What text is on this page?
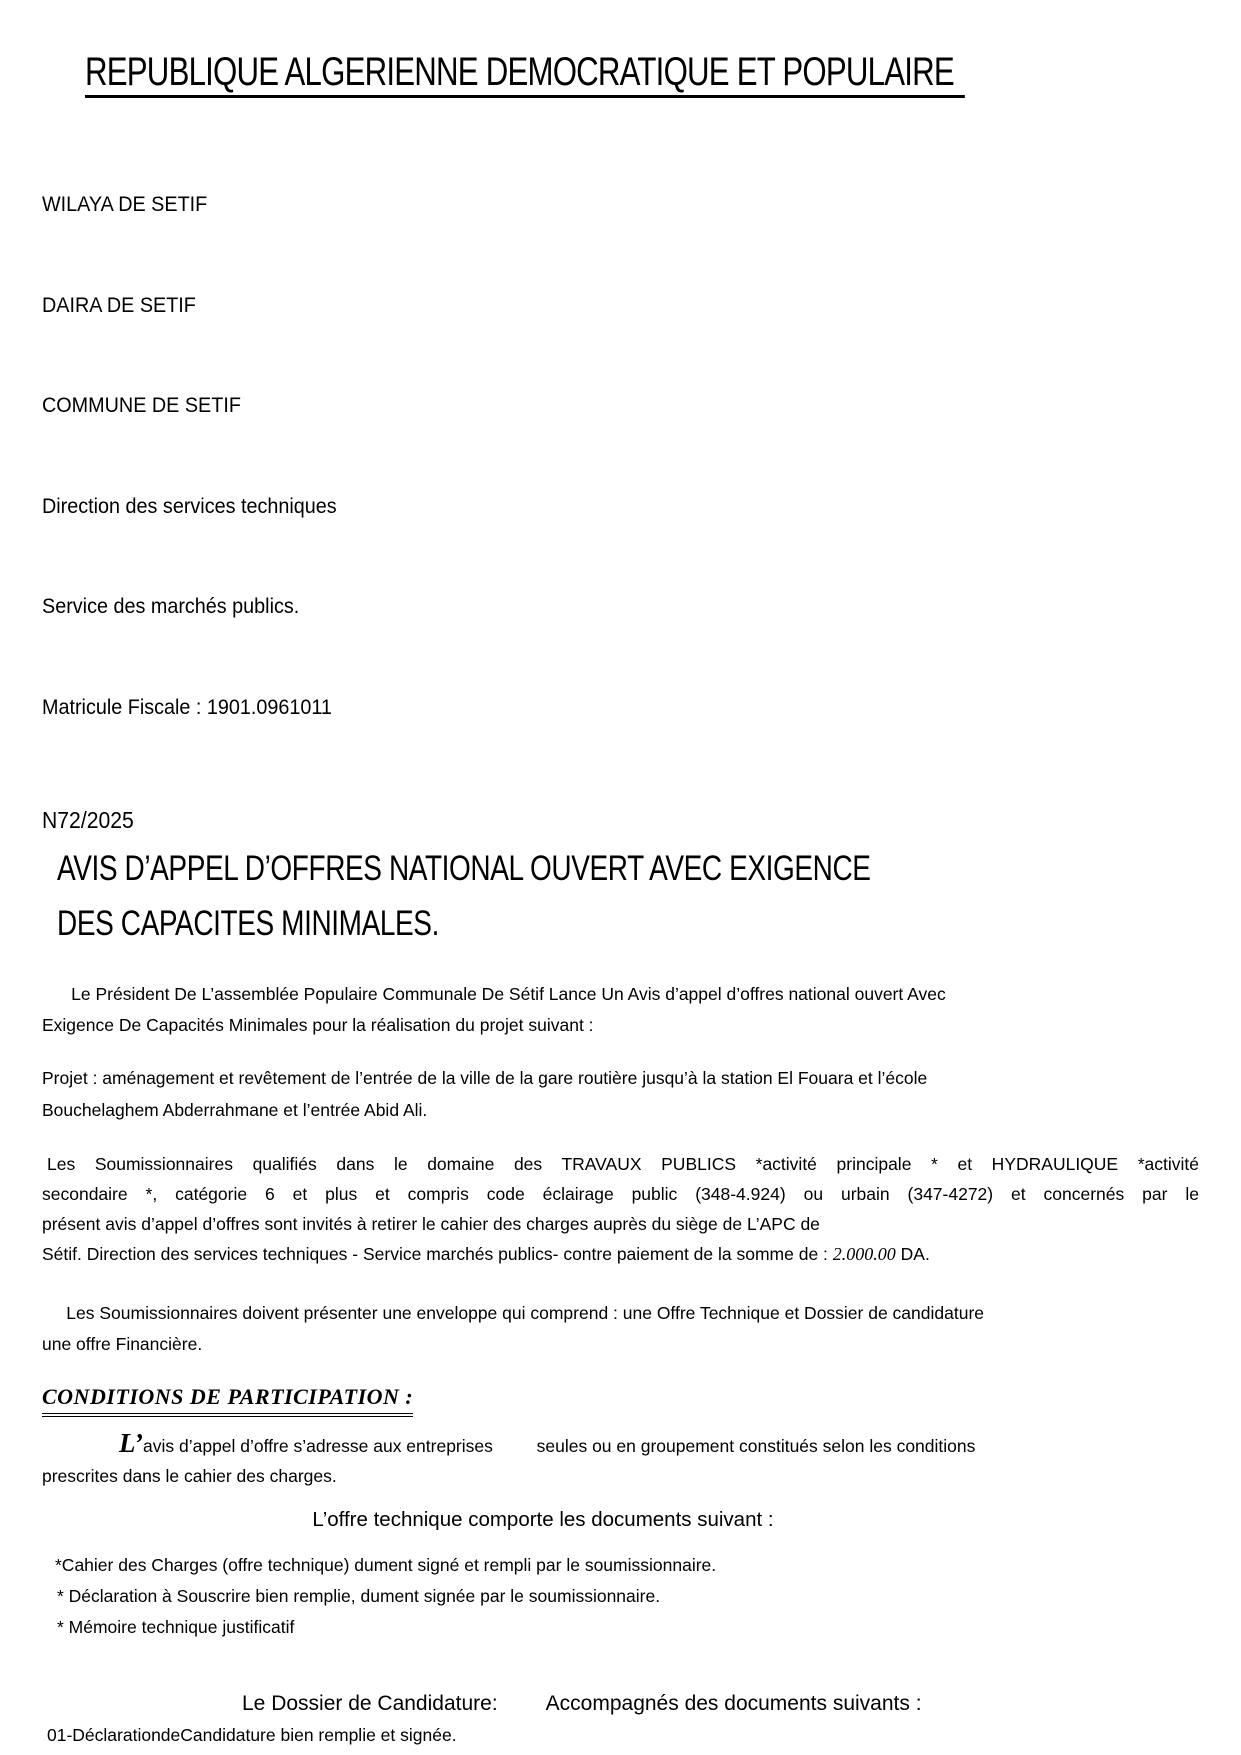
REPUBLIQUE ALGERIENNE DEMOCRATIQUE ET POPULAIRE

WILAYA DE SETIF

DAIRA DE SETIF

COMMUNE DE SETIF

Direction des services techniques

Service des marchés publics.

Matricule Fiscale : 1901.0961011

N72/2025
AVIS D’APPEL D’OFFRES NATIONAL OUVERT AVEC EXIGENCE
DES CAPACITES MINIMALES.
Le Président De L’assemblée Populaire Communale De Sétif Lance Un Avis d’appel d’offres national ouvert Avec
Exigence De Capacités Minimales pour la réalisation du projet suivant :
Projet : aménagement et revêtement de l’entrée de la ville de la gare routière jusqu’à la station El Fouara et l’école
Bouchelaghem Abderrahmane et l’entrée Abid Ali.
Les Soumissionnaires qualifiés dans le domaine des TRAVAUX PUBLICS *activité principale * et HYDRAULIQUE *activité
secondaire *, catégorie 6 et plus et compris code éclairage public (348-4.924) ou urbain (347-4272) et concernés par le
présent avis d’appel d’offres sont invités à retirer le cahier des charges auprès du siège de L’APC de
Sétif. Direction des services techniques - Service marchés publics- contre paiement de la somme de : 2.000.00 DA.
Les Soumissionnaires doivent présenter une enveloppe qui comprend : une Offre Technique et Dossier de candidature
une offre Financière.
CONDITIONS DE PARTICIPATION :
L’avis d’appel d’offre s’adresse aux entreprises         seules ou en groupement constitués selon les conditions
prescrites dans le cahier des charges.
L’offre technique comporte les documents suivant :
*Cahier des Charges (offre technique) dument signé et rempli par le soumissionnaire.
* Déclaration à Souscrire bien remplie, dument signée par le soumissionnaire.
* Mémoire technique justificatif
Le Dossier de Candidature: Accompagnés des documents suivants :
01-DéclarationdeCandidature bien remplie et signée.
